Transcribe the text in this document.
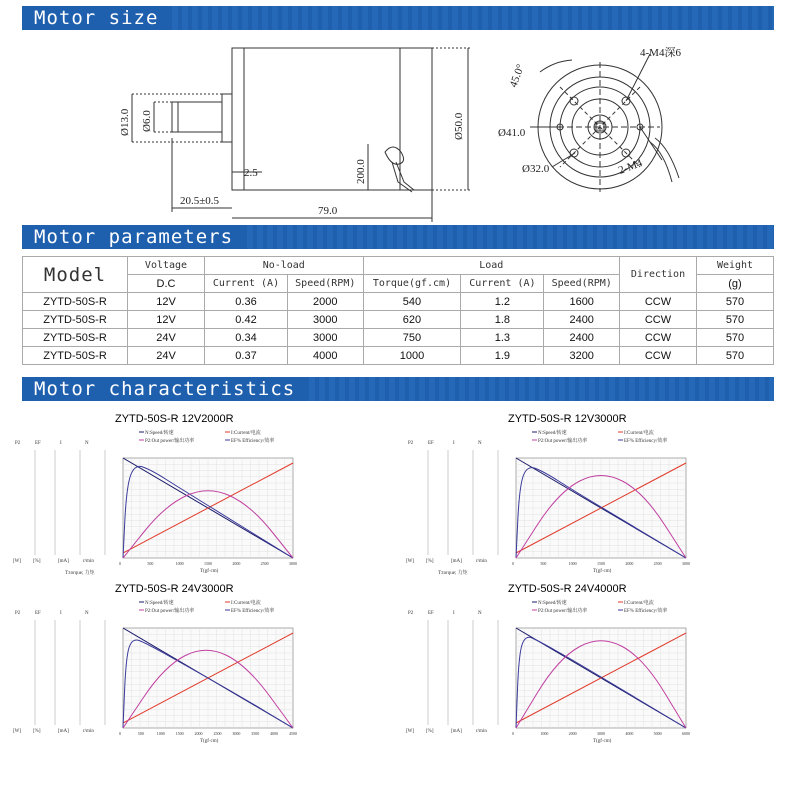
Motor size
Motor parameters
Motor characteristics
Ø13.0 Ø6.0	Ø50.0
200.0
2.5
20.5±0.5
79.0
45.0°
4-M4深6
Ø41.0
Ø32.0	2-M4
Model	Voltage	No-load		Load			Direction	Weight
	D.C	Current (A)	Speed(RPM)	Torque(gf.cm)	Current (A)	Speed(RPM)		(g)
ZYTD-50S-R	12V	0.36	2000	540	1.2	1600	CCW	570
ZYTD-50S-R	12V	0.42	3000	620	1.8	2400	CCW	570
ZYTD-50S-R	24V	0.34	3000	750	1.3	2400	CCW	570
ZYTD-50S-R	24V	0.37	4000	1000	1.9	3200	CCW	570
ZYTD-50S-R 12V2000R
N:Speed/转速	I:Current/电流
P2:Out power/输出功率	EF% Efficiency/效率
P2	EF	I	N
[W] [%]	[mA]	r/min	0	500	1000	1500	2000	2500	3000
T(gf·cm)
T:torque; 力矩
ZYTD-50S-R 12V3000R
N:Speed/转速	I:Current/电流
P2:Out power/输出功率	EF% Efficiency/效率
P2	EF	I	N
[W] [%]	[mA]	r/min	0	500	1000	1500	2000	2500	3000
T(gf·cm)
T:torque; 力矩
ZYTD-50S-R 24V3000R
N:Speed/转速	I:Current/电流
P2:Out power/输出功率	EF% Efficiency/效率
P2	EF	I	N
[W] [%]	[mA]	r/min	0	500	1000	1500	2000	2500	3000	3500	4000	4500
T(gf·cm)
ZYTD-50S-R 24V4000R
N:Speed/转速	I:Current/电流
P2:Out power/输出功率	EF% Efficiency/效率
P2	EF	I	N
[W] [%]	[mA]	r/min	0	1000	2000	3000	4000	5000	6000
T(gf·cm)
